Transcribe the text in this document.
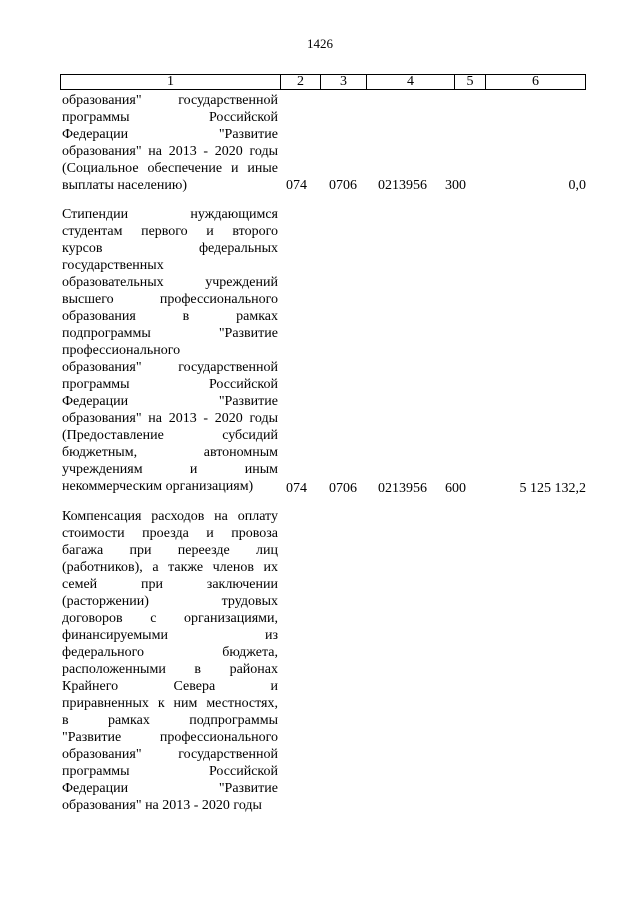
1426
1	2	3	4	5	6
образования" государственной
программы Российской
Федерации "Развитие
образования" на 2013 - 2020 годы
(Социальное обеспечение и иные
выплаты населению)	074 0706 0213956 300	0,0
Стипендии нуждающимся
студентам первого и второго
курсов федеральных
государственных
образовательных учреждений
высшего профессионального
образования в рамках
подпрограммы "Развитие
профессионального
образования" государственной
программы Российской
Федерации "Развитие
образования" на 2013 - 2020 годы
(Предоставление субсидий
бюджетным, автономным
учреждениям и иным
некоммерческим организациям)	074 0706 0213956 600	5 125 132,2
Компенсация расходов на оплату
стоимости проезда и провоза
багажа при переезде лиц
(работников), а также членов их
семей при заключении
(расторжении) трудовых
договоров с организациями,
финансируемыми из
федерального бюджета,
расположенными в районах
Крайнего Севера и
приравненных к ним местностях,
в рамках подпрограммы
"Развитие профессионального
образования" государственной
программы Российской
Федерации "Развитие
образования" на 2013 - 2020 годы
